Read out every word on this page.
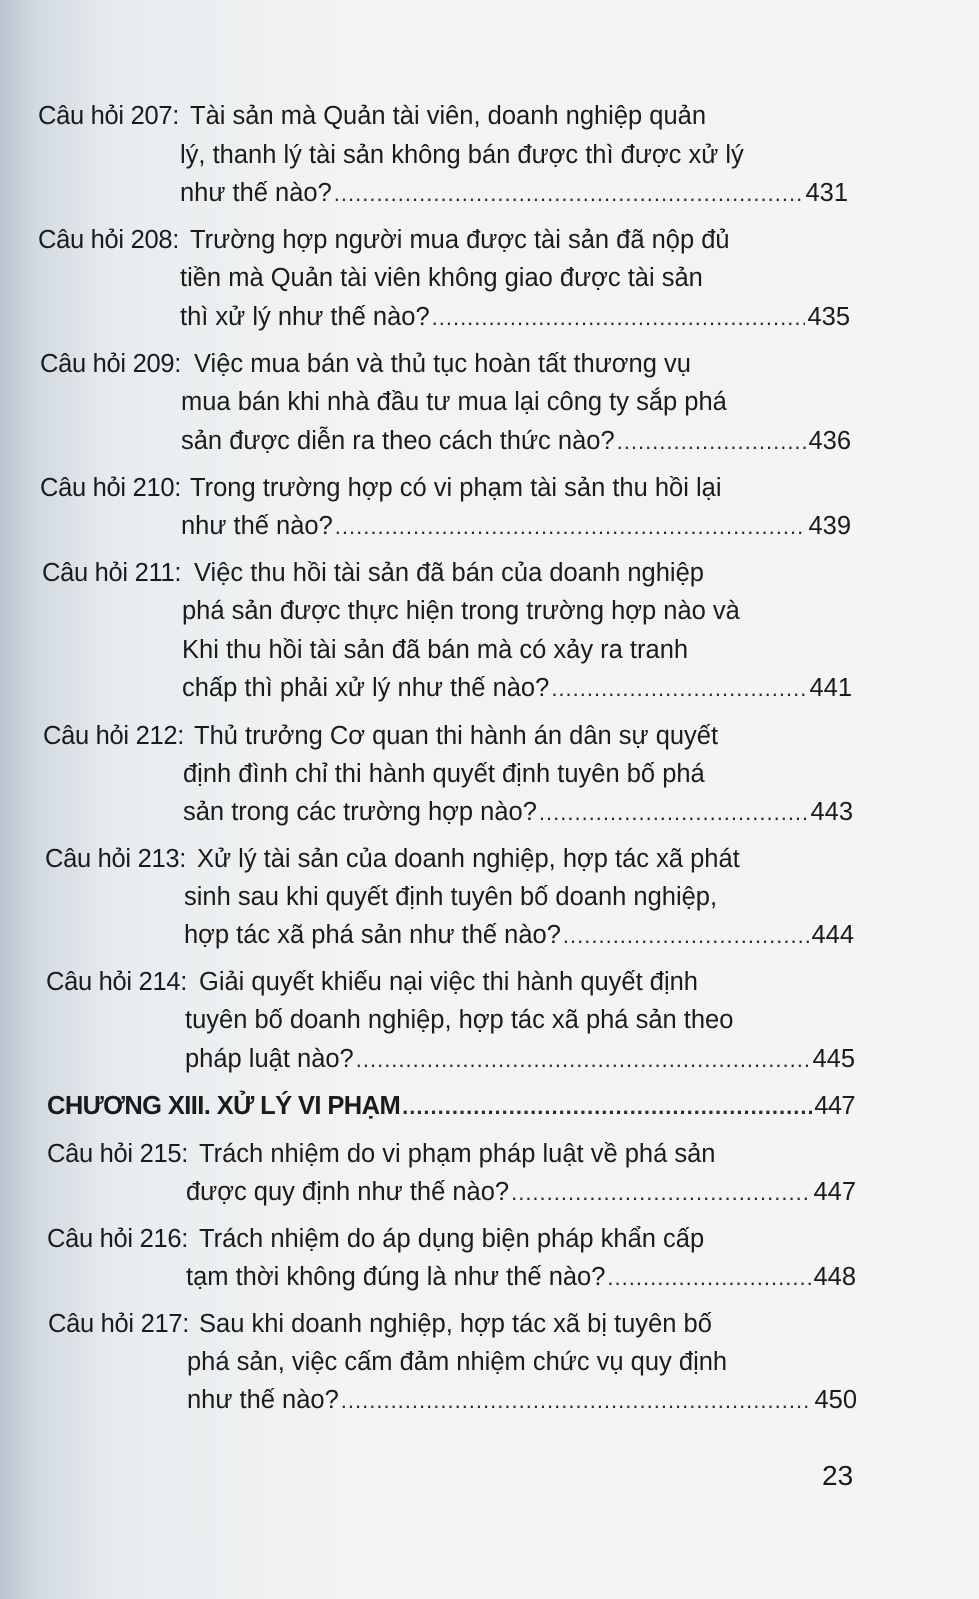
Câu hỏi 207: Tài sản mà Quản tài viên, doanh nghiệp quản
lý, thanh lý tài sản không bán được thì được xử lý
như thế nào? .....	431
Câu hỏi 208: Trường hợp người mua được tài sản đã nộp đủ
tiền mà Quản tài viên không giao được tài sản
thì xử lý như thế nào? .....	435
Câu hỏi 209: Việc mua bán và thủ tục hoàn tất thương vụ
mua bán khi nhà đầu tư mua lại công ty sắp phá
sản được diễn ra theo cách thức nào? .....	436
Câu hỏi 210: Trong trường hợp có vi phạm tài sản thu hồi lại
như thế nào? .....	439
Câu hỏi 211: Việc thu hồi tài sản đã bán của doanh nghiệp
phá sản được thực hiện trong trường hợp nào và
Khi thu hồi tài sản đã bán mà có xảy ra tranh
chấp thì phải xử lý như thế nào? .....	441
Câu hỏi 212: Thủ trưởng Cơ quan thi hành án dân sự quyết
định đình chỉ thi hành quyết định tuyên bố phá
sản trong các trường hợp nào? .....	443
Câu hỏi 213: Xử lý tài sản của doanh nghiệp, hợp tác xã phát
sinh sau khi quyết định tuyên bố doanh nghiệp,
hợp tác xã phá sản như thế nào? .....	444
Câu hỏi 214: Giải quyết khiếu nại việc thi hành quyết định
tuyên bố doanh nghiệp, hợp tác xã phá sản theo
pháp luật nào? .....	445
CHƯƠNG XIII. XỬ LÝ VI PHẠM .....	447
Câu hỏi 215: Trách nhiệm do vi phạm pháp luật về phá sản
được quy định như thế nào? .....	447
Câu hỏi 216: Trách nhiệm do áp dụng biện pháp khẩn cấp
tạm thời không đúng là như thế nào? .....	448
Câu hỏi 217: Sau khi doanh nghiệp, hợp tác xã bị tuyên bố
phá sản, việc cấm đảm nhiệm chức vụ quy định
như thế nào? .....	450
23
